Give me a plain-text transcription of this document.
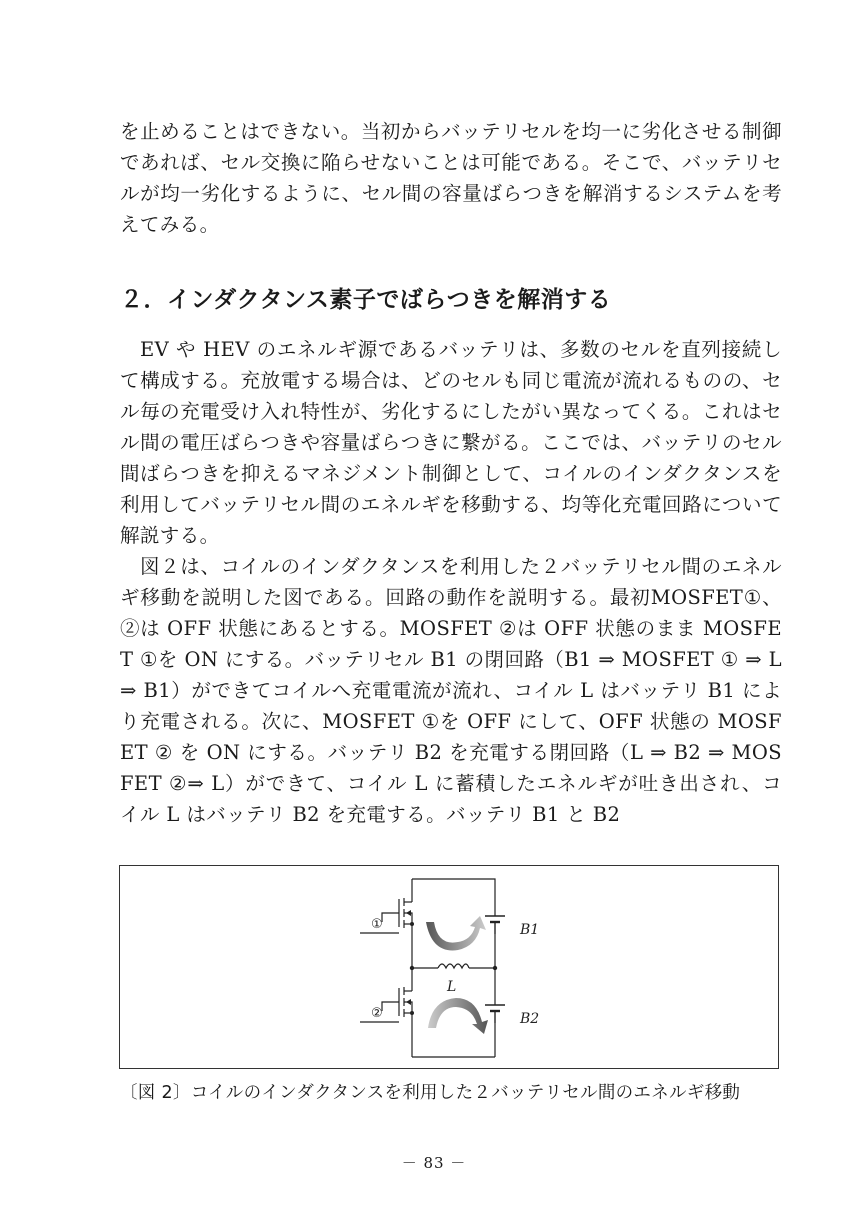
を止めることはできない。当初からバッテリセルを均一に劣化させる制御であれば、セル交換に陥らせないことは可能である。そこで、バッテリセルが均一劣化するように、セル間の容量ばらつきを解消するシステムを考えてみる。

２．インダクタンス素子でばらつきを解消する

EV や HEV のエネルギ源であるバッテリは、多数のセルを直列接続して構成する。充放電する場合は、どのセルも同じ電流が流れるものの、セル毎の充電受け入れ特性が、劣化するにしたがい異なってくる。これはセル間の電圧ばらつきや容量ばらつきに繋がる。ここでは、バッテリのセル間ばらつきを抑えるマネジメント制御として、コイルのインダクタンスを利用してバッテリセル間のエネルギを移動する、均等化充電回路について解説する。

図２は、コイルのインダクタンスを利用した２バッテリセル間のエネルギ移動を説明した図である。回路の動作を説明する。最初MOSFET①、②は OFF 状態にあるとする。MOSFET ②は OFF 状態のまま MOSFET ①を ON にする。バッテリセル B1 の閉回路（B1 ⇒ MOSFET ① ⇒ L ⇒ B1）ができてコイルへ充電電流が流れ、コイル L はバッテリ B1 により充電される。次に、MOSFET ①を OFF にして、OFF 状態の MOSFET ② を ON にする。バッテリ B2 を充電する閉回路（L ⇒ B2 ⇒ MOSFET ②⇒ L）ができて、コイル L に蓄積したエネルギが吐き出され、コイル L はバッテリ B2 を充電する。バッテリ B1 と B2

①
②
L
B1
B2

〔図 2〕コイルのインダクタンスを利用した２バッテリセル間のエネルギ移動

－ 83 －
